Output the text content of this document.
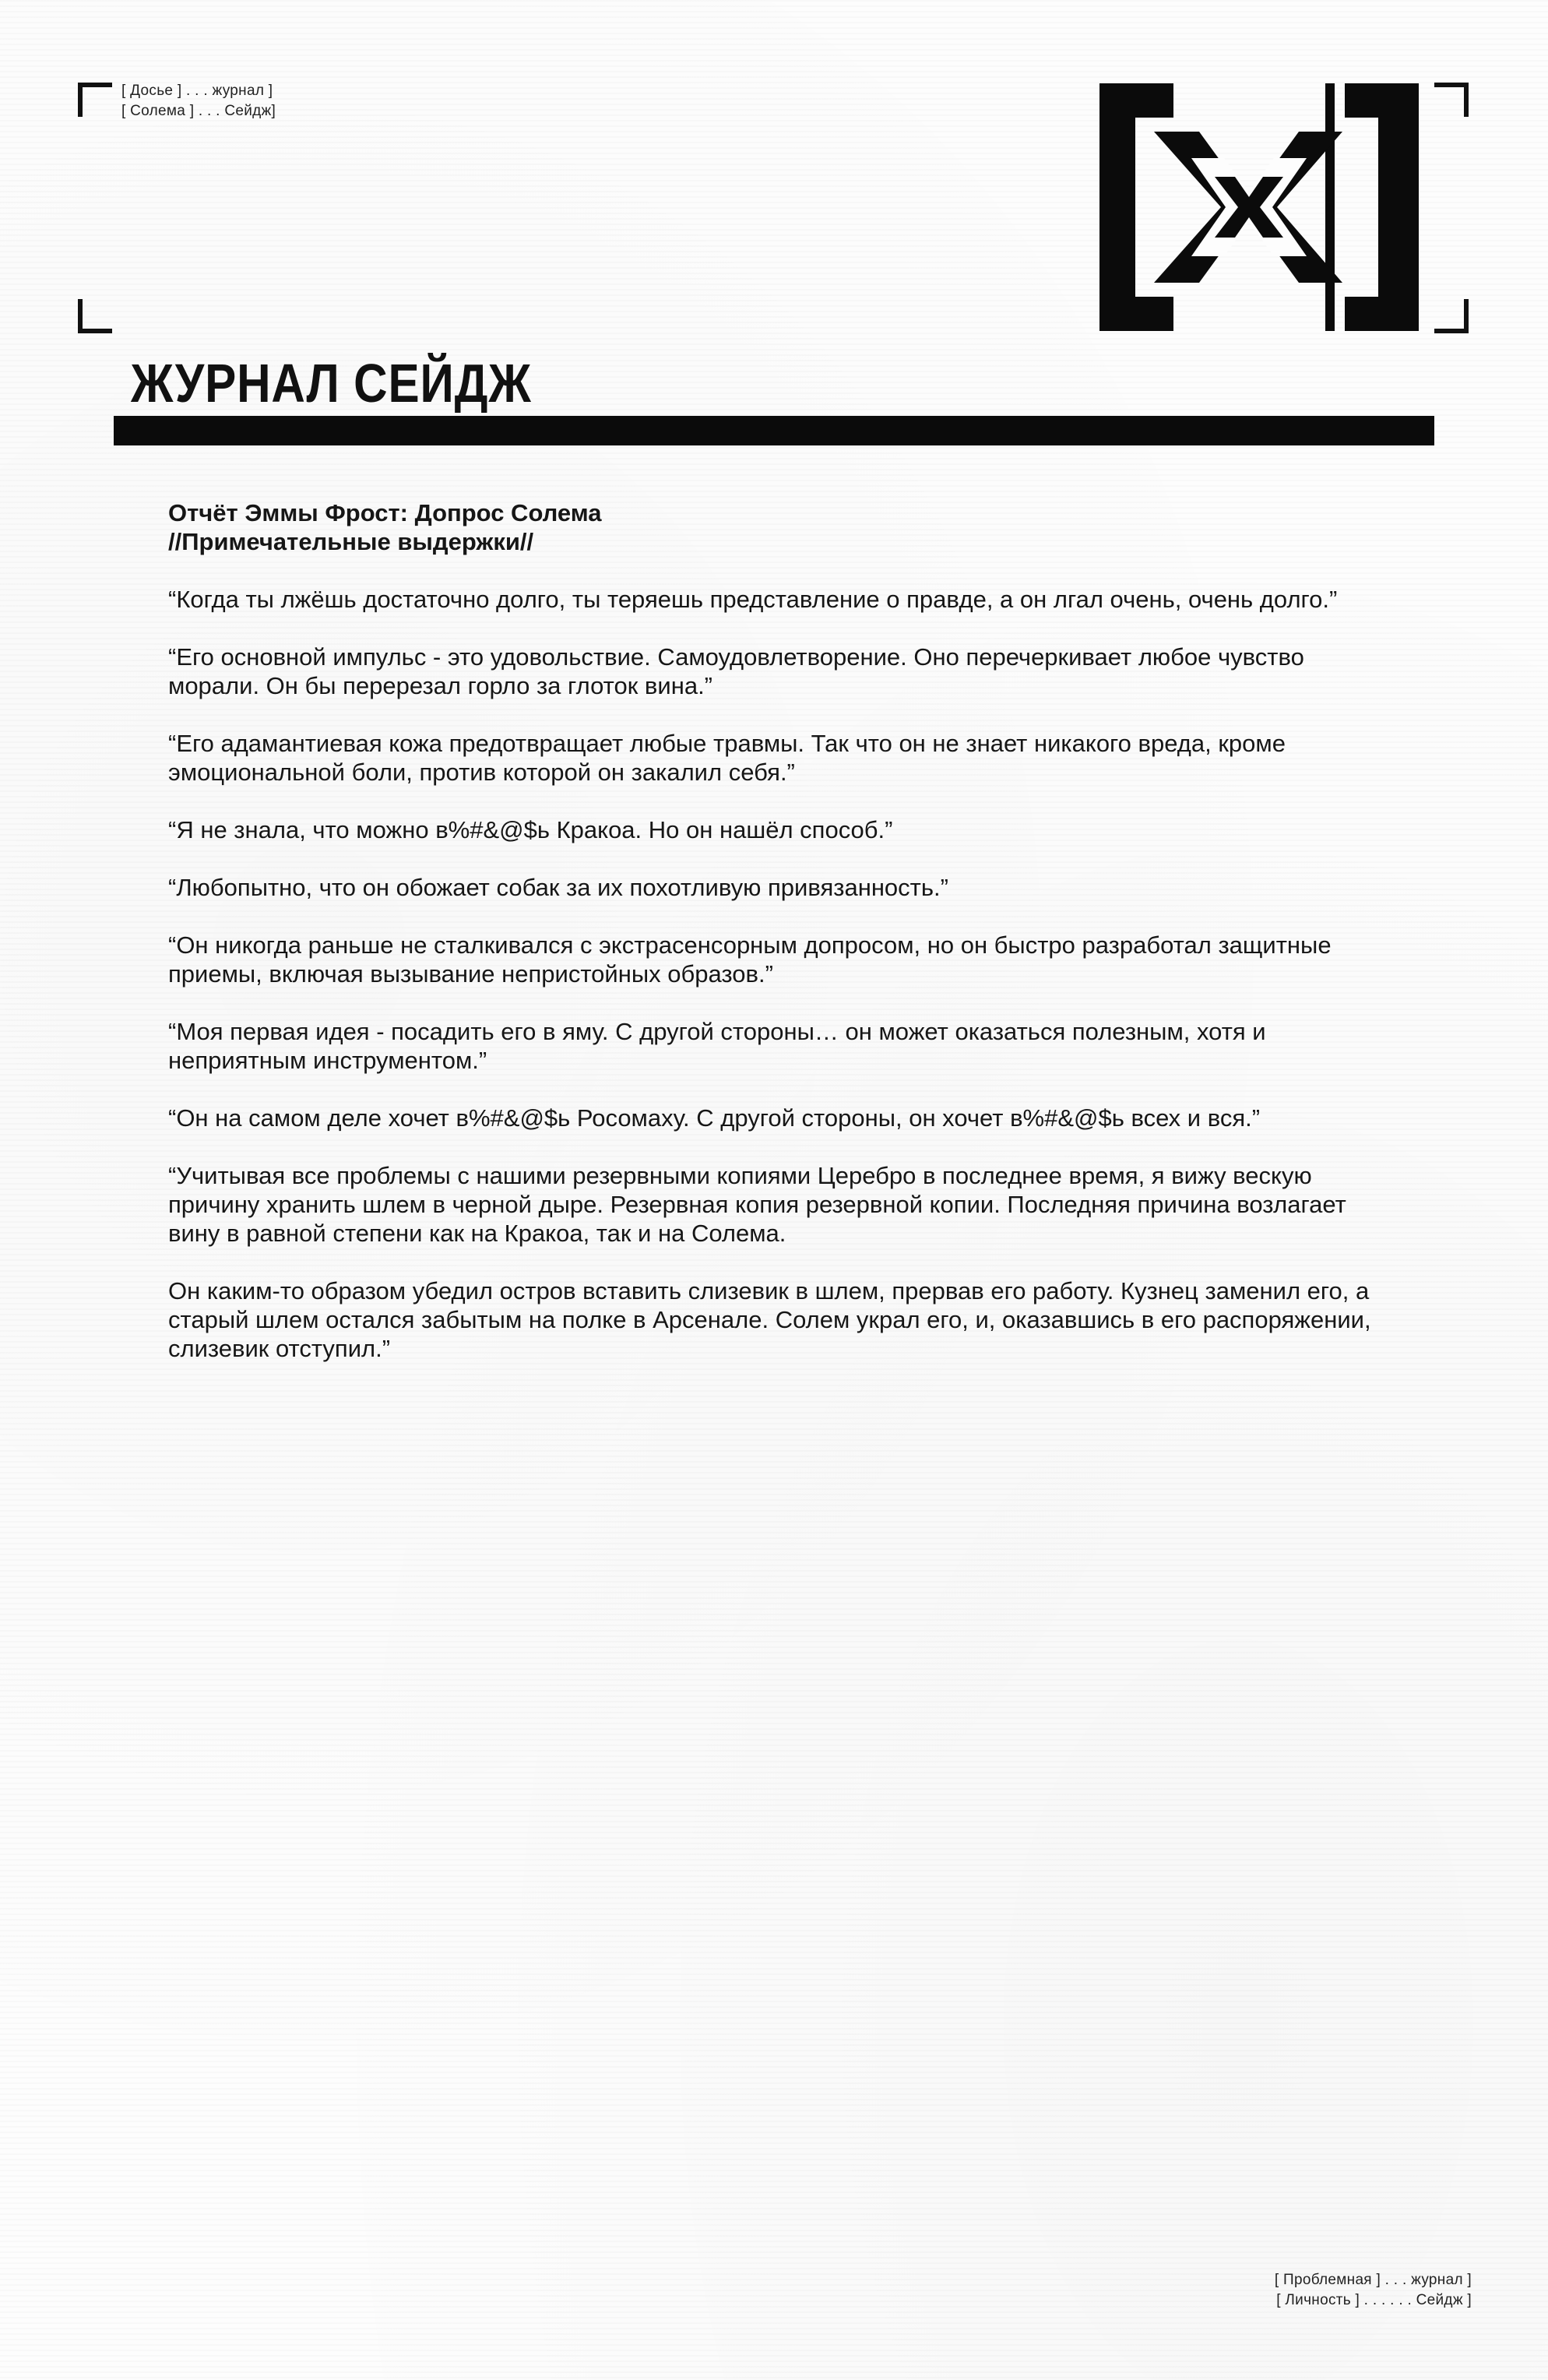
[ Досье ] . . . журнал ]
[ Солема ] . . . Сейдж]
ЖУРНАЛ СЕЙДЖ
Отчёт Эммы Фрост: Допрос Солема
//Примечательные выдержки//

“Когда ты лжёшь достаточно долго, ты теряешь представление о правде, а он лгал очень, очень долго.”

“Его основной импульс - это удовольствие. Самоудовлетворение. Оно перечеркивает любое чувство морали. Он бы перерезал горло за глоток вина.”

“Его адамантиевая кожа предотвращает любые травмы. Так что он не знает никакого вреда, кроме эмоциональной боли, против которой он закалил себя.”

“Я не знала, что можно в%#&@$ь Кракоа. Но он нашёл способ.”

“Любопытно, что он обожает собак за их похотливую привязанность.”

“Он никогда раньше не сталкивался с экстрасенсорным допросом, но он быстро разработал защитные приемы, включая вызывание непристойных образов.”

“Моя первая идея - посадить его в яму. С другой стороны… он может оказаться полезным, хотя и неприятным инструментом.”

“Он на самом деле хочет в%#&@$ь Росомаху. С другой стороны, он хочет в%#&@$ь всех и вся.”

“Учитывая все проблемы с нашими резервными копиями Церебро в последнее время, я вижу вескую причину хранить шлем в черной дыре. Резервная копия резервной копии. Последняя причина возлагает вину в равной степени как на Кракоа, так и на Солема.

Он каким-то образом убедил остров вставить слизевик в шлем, прервав его работу. Кузнец заменил его, а старый шлем остался забытым на полке в Арсенале. Солем украл его, и, оказавшись в его распоряжении, слизевик отступил.”

[ Проблемная ] . . . журнал ]
[ Личность ] . . . . . . Сейдж ]
